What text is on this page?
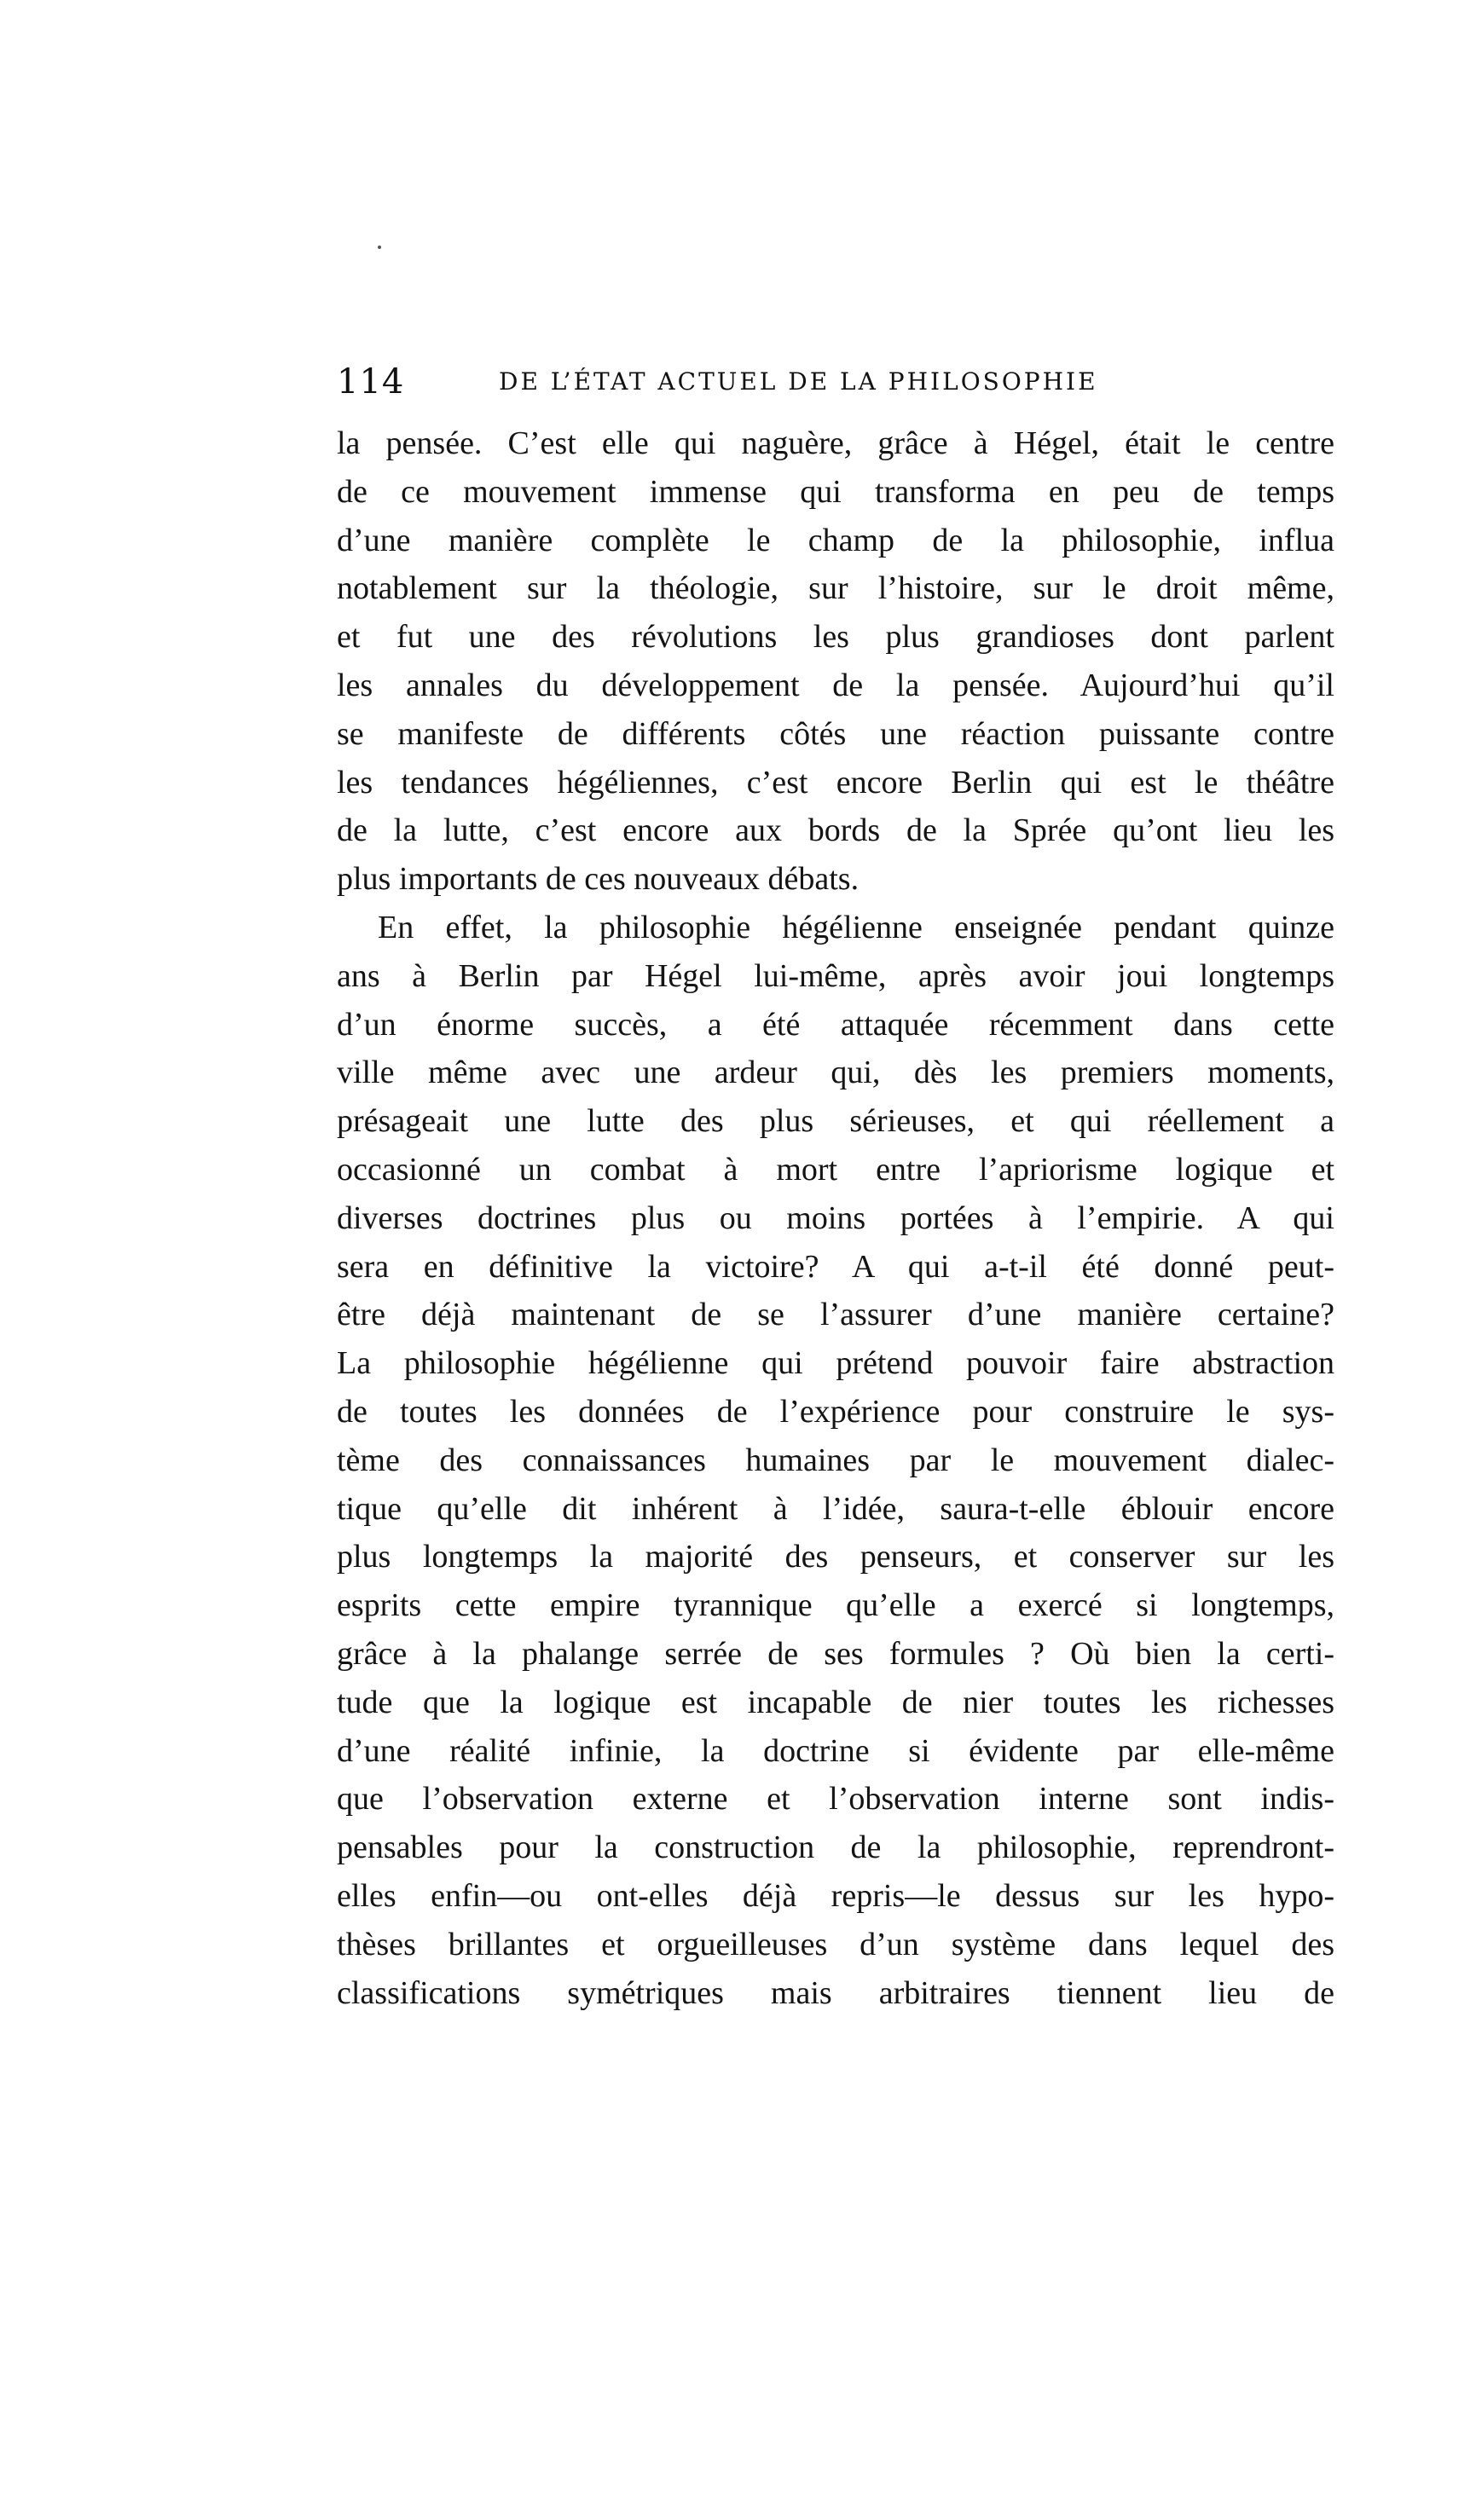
114	DE L’ÉTAT ACTUEL DE LA PHILOSOPHIE
la pensée. C’est elle qui naguère, grâce à Hégel, était le centre
de ce mouvement immense qui transforma en peu de temps
d’une manière complète le champ de la philosophie, influa
notablement sur la théologie, sur l’histoire, sur le droit même,
et fut une des révolutions les plus grandioses dont parlent
les annales du développement de la pensée. Aujourd’hui qu’il
se manifeste de différents côtés une réaction puissante contre
les tendances hégéliennes, c’est encore Berlin qui est le théâtre
de la lutte, c’est encore aux bords de la Sprée qu’ont lieu les
plus importants de ces nouveaux débats.
En effet, la philosophie hégélienne enseignée pendant quinze
ans à Berlin par Hégel lui-même, après avoir joui longtemps
d’un énorme succès, a été attaquée récemment dans cette
ville même avec une ardeur qui, dès les premiers moments,
présageait une lutte des plus sérieuses, et qui réellement a
occasionné un combat à mort entre l’apriorisme logique et
diverses doctrines plus ou moins portées à l’empirie. A qui
sera en définitive la victoire? A qui a-t-il été donné peut-
être déjà maintenant de se l’assurer d’une manière certaine?
La philosophie hégélienne qui prétend pouvoir faire abstraction
de toutes les données de l’expérience pour construire le sys-
tème des connaissances humaines par le mouvement dialec-
tique qu’elle dit inhérent à l’idée, saura-t-elle éblouir encore
plus longtemps la majorité des penseurs, et conserver sur les
esprits cette empire tyrannique qu’elle a exercé si longtemps,
grâce à la phalange serrée de ses formules ? Où bien la certi-
tude que la logique est incapable de nier toutes les richesses
d’une réalité infinie, la doctrine si évidente par elle-même
que l’observation externe et l’observation interne sont indis-
pensables pour la construction de la philosophie, reprendront-
elles enfin—ou ont-elles déjà repris—le dessus sur les hypo-
thèses brillantes et orgueilleuses d’un système dans lequel des
classifications symétriques mais arbitraires tiennent lieu de
